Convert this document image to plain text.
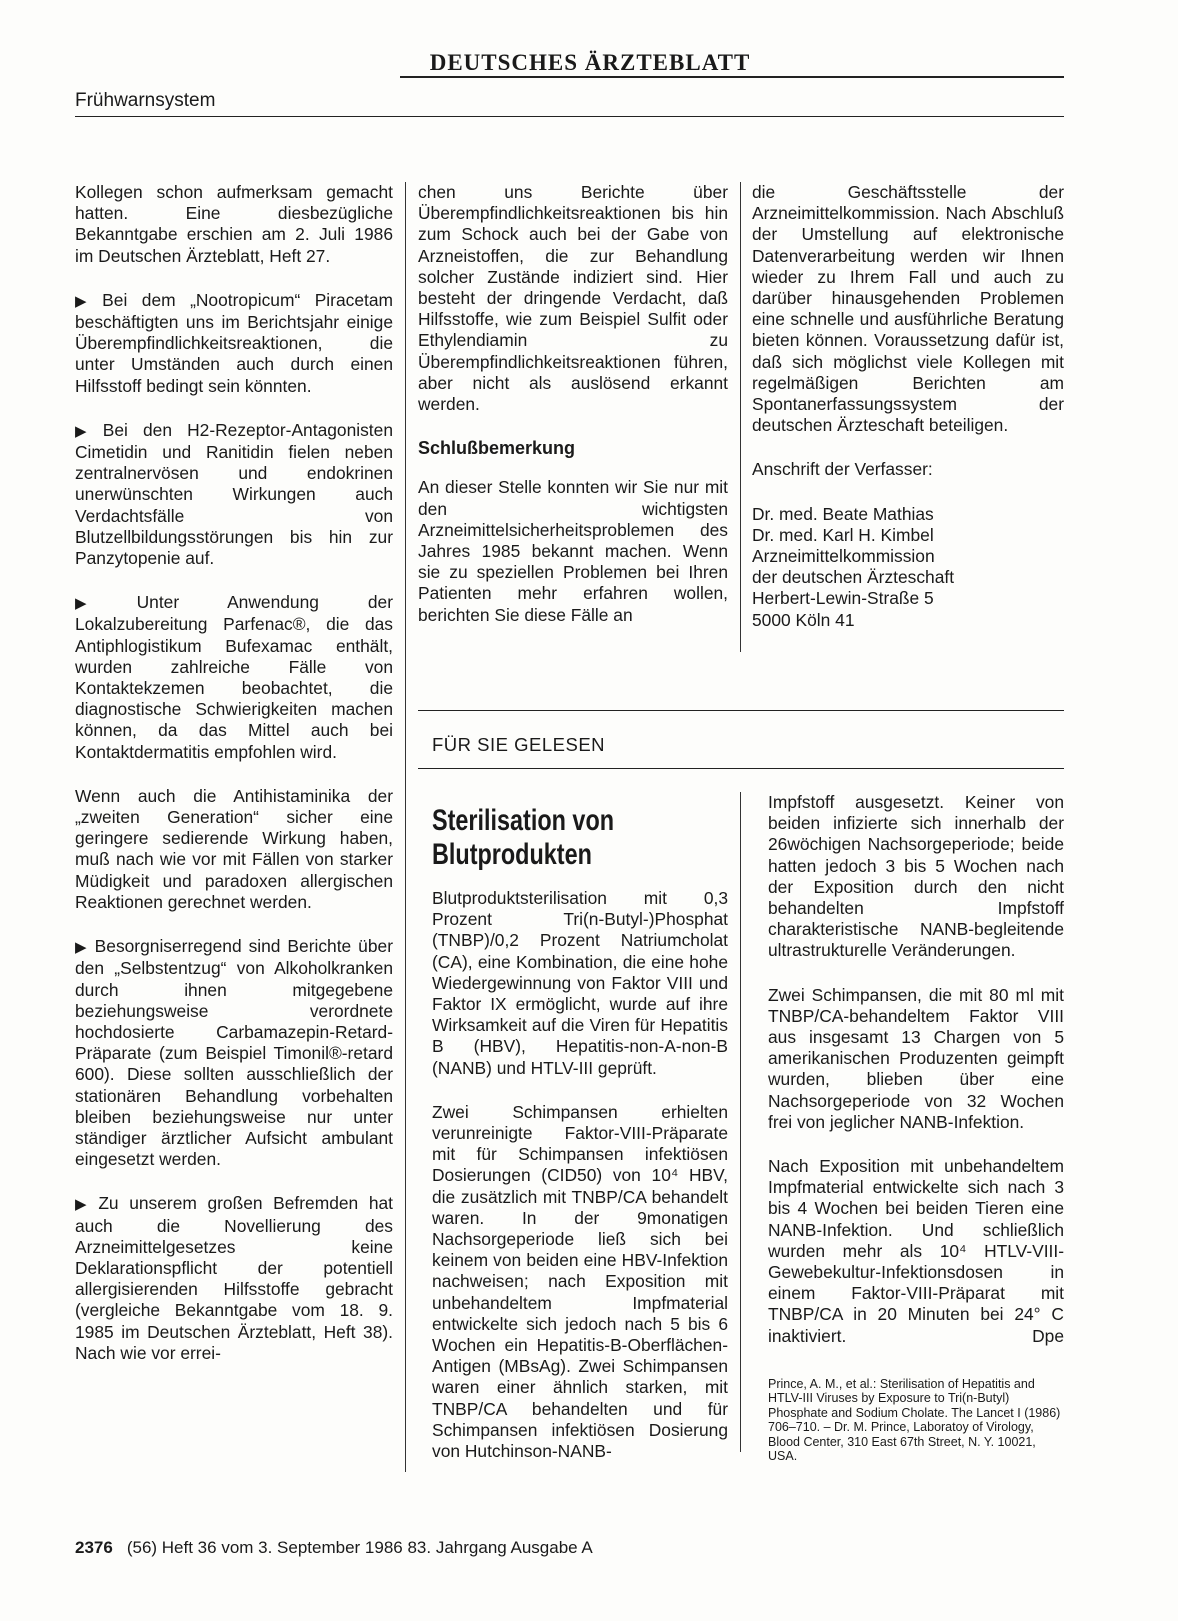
DEUTSCHES ÄRZTEBLATT
Frühwarnsystem

Kollegen schon aufmerksam gemacht hatten. Eine diesbezügliche Bekanntgabe erschien am 2. Juli 1986 im Deutschen Ärzteblatt, Heft 27.

▶ Bei dem „Nootropicum“ Piracetam beschäftigten uns im Berichtsjahr einige Überempfindlichkeitsreaktionen, die unter Umständen auch durch einen Hilfsstoff bedingt sein könnten.

▶ Bei den H2-Rezeptor-Antagonisten Cimetidin und Ranitidin fielen neben zentralnervösen und endokrinen unerwünschten Wirkungen auch Verdachtsfälle von Blutzellbildungsstörungen bis hin zur Panzytopenie auf.

▶ Unter Anwendung der Lokalzubereitung Parfenac®, die das Antiphlogistikum Bufexamac enthält, wurden zahlreiche Fälle von Kontaktekzemen beobachtet, die diagnostische Schwierigkeiten machen können, da das Mittel auch bei Kontaktdermatitis empfohlen wird.

Wenn auch die Antihistaminika der „zweiten Generation“ sicher eine geringere sedierende Wirkung haben, muß nach wie vor mit Fällen von starker Müdigkeit und paradoxen allergischen Reaktionen gerechnet werden.

▶ Besorgniserregend sind Berichte über den „Selbstentzug“ von Alkoholkranken durch ihnen mitgegebene beziehungsweise verordnete hochdosierte Carbamazepin-Retard-Präparate (zum Beispiel Timonil®-retard 600). Diese sollten ausschließlich der stationären Behandlung vorbehalten bleiben beziehungsweise nur unter ständiger ärztlicher Aufsicht ambulant eingesetzt werden.

▶ Zu unserem großen Befremden hat auch die Novellierung des Arzneimittelgesetzes keine Deklarationspflicht der potentiell allergisierenden Hilfsstoffe gebracht (vergleiche Bekanntgabe vom 18. 9. 1985 im Deutschen Ärzteblatt, Heft 38). Nach wie vor errei-

chen uns Berichte über Überempfindlichkeitsreaktionen bis hin zum Schock auch bei der Gabe von Arzneistoffen, die zur Behandlung solcher Zustände indiziert sind. Hier besteht der dringende Verdacht, daß Hilfsstoffe, wie zum Beispiel Sulfit oder Ethylendiamin zu Überempfindlichkeitsreaktionen führen, aber nicht als auslösend erkannt werden.

Schlußbemerkung

An dieser Stelle konnten wir Sie nur mit den wichtigsten Arzneimittelsicherheitsproblemen des Jahres 1985 bekannt machen. Wenn sie zu speziellen Problemen bei Ihren Patienten mehr erfahren wollen, berichten Sie diese Fälle an

die Geschäftsstelle der Arzneimittelkommission. Nach Abschluß der Umstellung auf elektronische Datenverarbeitung werden wir Ihnen wieder zu Ihrem Fall und auch zu darüber hinausgehenden Problemen eine schnelle und ausführliche Beratung bieten können. Voraussetzung dafür ist, daß sich möglichst viele Kollegen mit regelmäßigen Berichten am Spontanerfassungssystem der deutschen Ärzteschaft beteiligen.

Anschrift der Verfasser:

Dr. med. Beate Mathias
Dr. med. Karl H. Kimbel
Arzneimittelkommission
der deutschen Ärzteschaft
Herbert-Lewin-Straße 5
5000 Köln 41
FÜR SIE GELESEN
Sterilisation von
Blutprodukten

Blutproduktsterilisation mit 0,3 Prozent Tri(n-Butyl-)Phosphat (TNBP)/0,2 Prozent Natriumcholat (CA), eine Kombination, die eine hohe Wiedergewinnung von Faktor VIII und Faktor IX ermöglicht, wurde auf ihre Wirksamkeit auf die Viren für Hepatitis B (HBV), Hepatitis-non-A-non-B (NANB) und HTLV-III geprüft.

Zwei Schimpansen erhielten verunreinigte Faktor-VIII-Präparate mit für Schimpansen infektiösen Dosierungen (CID50) von 10⁴ HBV, die zusätzlich mit TNBP/CA behandelt waren. In der 9monatigen Nachsorgeperiode ließ sich bei keinem von beiden eine HBV-Infektion nachweisen; nach Exposition mit unbehandeltem Impfmaterial entwickelte sich jedoch nach 5 bis 6 Wochen ein Hepatitis-B-Oberflächen-Antigen (MBsAg). Zwei Schimpansen waren einer ähnlich starken, mit TNBP/CA behandelten und für Schimpansen infektiösen Dosierung von Hutchinson-NANB-

Impfstoff ausgesetzt. Keiner von beiden infizierte sich innerhalb der 26wöchigen Nachsorgeperiode; beide hatten jedoch 3 bis 5 Wochen nach der Exposition durch den nicht behandelten Impfstoff charakteristische NANB-begleitende ultrastrukturelle Veränderungen.

Zwei Schimpansen, die mit 80 ml mit TNBP/CA-behandeltem Faktor VIII aus insgesamt 13 Chargen von 5 amerikanischen Produzenten geimpft wurden, blieben über eine Nachsorgeperiode von 32 Wochen frei von jeglicher NANB-Infektion.

Nach Exposition mit unbehandeltem Impfmaterial entwickelte sich nach 3 bis 4 Wochen bei beiden Tieren eine NANB-Infektion. Und schließlich wurden mehr als 10⁴ HTLV-VIII-Gewebekultur-Infektionsdosen in einem Faktor-VIII-Präparat mit TNBP/CA in 20 Minuten bei 24° C inaktiviert.	Dpe

Prince, A. M., et al.: Sterilisation of Hepatitis and HTLV-III Viruses by Exposure to Tri(n-Butyl) Phosphate and Sodium Cholate. The Lancet I (1986) 706–710. – Dr. M. Prince, Laboratoy of Virology, Blood Center, 310 East 67th Street, N. Y. 10021, USA.
2376 (56) Heft 36 vom 3. September 1986 83. Jahrgang Ausgabe A
